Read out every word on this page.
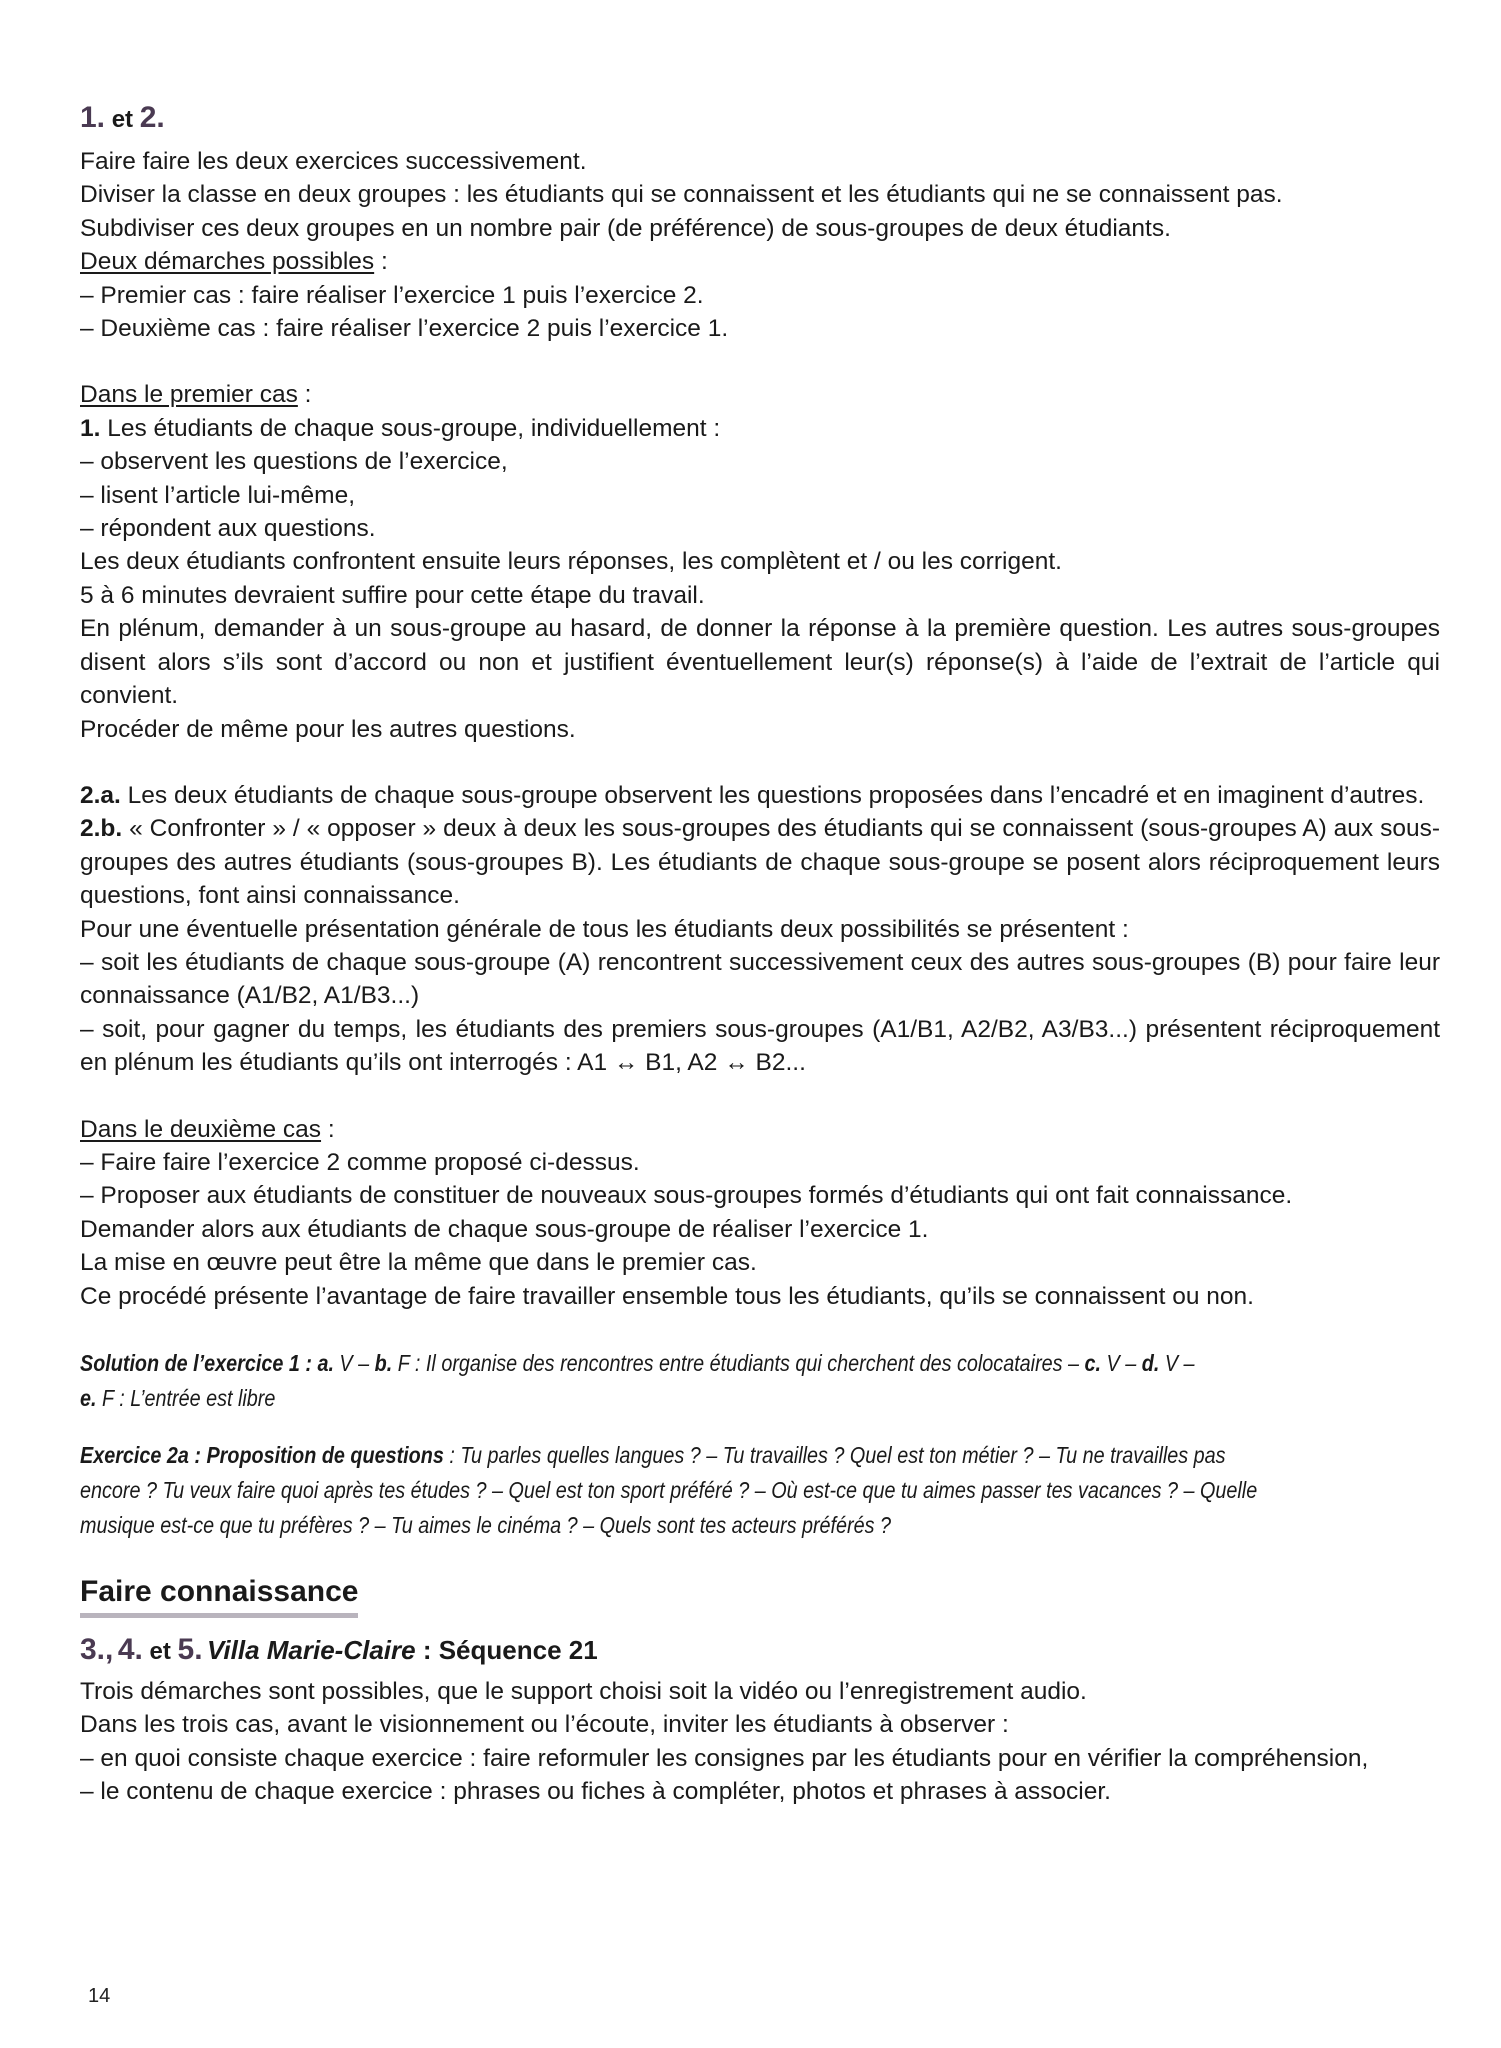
1. et 2.

Faire faire les deux exercices successivement.

Diviser la classe en deux groupes : les étudiants qui se connaissent et les étudiants qui ne se connaissent pas.

Subdiviser ces deux groupes en un nombre pair (de préférence) de sous-groupes de deux étudiants.

Deux démarches possibles :

– Premier cas : faire réaliser l’exercice 1 puis l’exercice 2.

– Deuxième cas : faire réaliser l’exercice 2 puis l’exercice 1.

Dans le premier cas :

1. Les étudiants de chaque sous-groupe, individuellement :

– observent les questions de l’exercice,

– lisent l’article lui-même,

– répondent aux questions.

Les deux étudiants confrontent ensuite leurs réponses, les complètent et / ou les corrigent.

5 à 6 minutes devraient suffire pour cette étape du travail.

En plénum, demander à un sous-groupe au hasard, de donner la réponse à la première question. Les autres sous-groupes disent alors s’ils sont d’accord ou non et justifient éventuellement leur(s) réponse(s) à l’aide de l’extrait de l’article qui convient.

Procéder de même pour les autres questions.

2.a. Les deux étudiants de chaque sous-groupe observent les questions proposées dans l’encadré et en imaginent d’autres.

2.b. « Confronter » / « opposer » deux à deux les sous-groupes des étudiants qui se connaissent (sous-groupes A) aux sous-groupes des autres étudiants (sous-groupes B). Les étudiants de chaque sous-groupe se posent alors réciproquement leurs questions, font ainsi connaissance.

Pour une éventuelle présentation générale de tous les étudiants deux possibilités se présentent :

– soit les étudiants de chaque sous-groupe (A) rencontrent successivement ceux des autres sous-groupes (B) pour faire leur connaissance (A1/B2, A1/B3...)

– soit, pour gagner du temps, les étudiants des premiers sous-groupes (A1/B1, A2/B2, A3/B3...) présentent réciproquement en plénum les étudiants qu’ils ont interrogés : A1 ↔ B1, A2 ↔ B2...

Dans le deuxième cas :

– Faire faire l’exercice 2 comme proposé ci-dessus.

– Proposer aux étudiants de constituer de nouveaux sous-groupes formés d’étudiants qui ont fait connaissance.

Demander alors aux étudiants de chaque sous-groupe de réaliser l’exercice 1.

La mise en œuvre peut être la même que dans le premier cas.

Ce procédé présente l’avantage de faire travailler ensemble tous les étudiants, qu’ils se connaissent ou non.

Solution de l’exercice 1 : a. V – b. F : Il organise des rencontres entre étudiants qui cherchent des colocataires – c. V – d. V –

e. F : L’entrée est libre

Exercice 2a : Proposition de questions : Tu parles quelles langues ? – Tu travailles ? Quel est ton métier ? – Tu ne travailles pas

encore ? Tu veux faire quoi après tes études ? – Quel est ton sport préféré ? – Où est-ce que tu aimes passer tes vacances ? – Quelle

musique est-ce que tu préfères ? – Tu aimes le cinéma ? – Quels sont tes acteurs préférés ?

Faire connaissance
3., 4. et 5. Villa Marie-Claire : Séquence 21

Trois démarches sont possibles, que le support choisi soit la vidéo ou l’enregistrement audio.

Dans les trois cas, avant le visionnement ou l’écoute, inviter les étudiants à observer :

– en quoi consiste chaque exercice : faire reformuler les consignes par les étudiants pour en vérifier la compréhension,

– le contenu de chaque exercice : phrases ou fiches à compléter, photos et phrases à associer.

14
